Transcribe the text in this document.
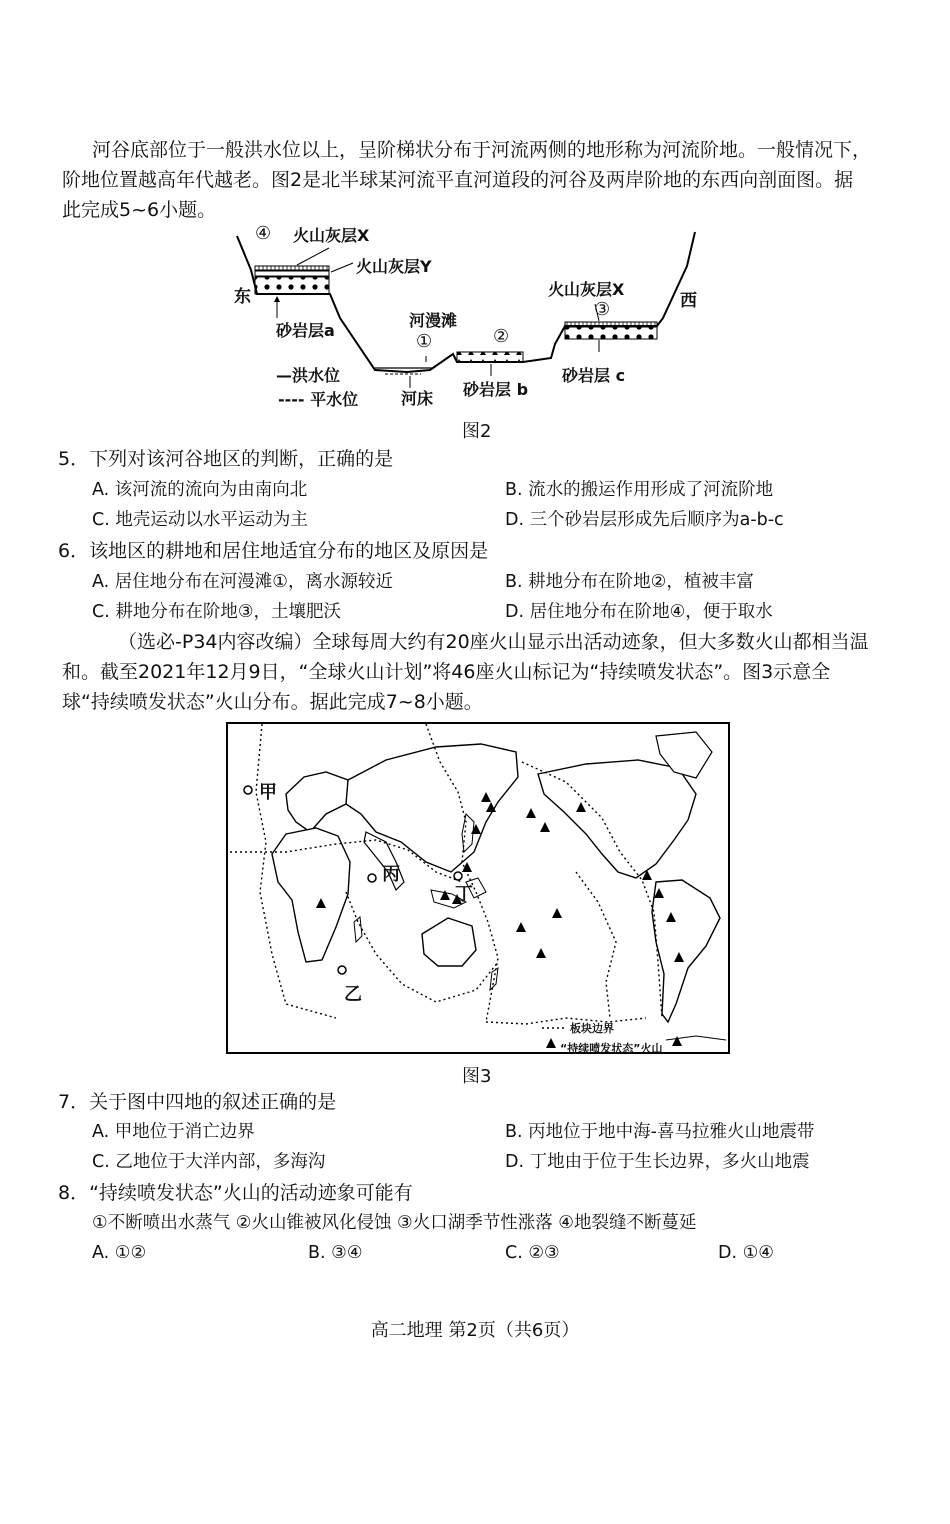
河谷底部位于一般洪水位以上，呈阶梯状分布于河流两侧的地形称为河流阶地。一般情况下，阶地位置越高年代越老。图2是北半球某河流平直河道段的河谷及两岸阶地的东西向剖面图。据此完成5~6小题。
④ 火山灰层X
火山灰层Y
东	西
火山灰层X
③
砂岩层a
河漫滩
②
①
—洪水位	砂岩层 c
砂岩层 b
河床
---- 平水位
图2
5．下列对该河谷地区的判断，正确的是
A. 该河流的流向为由南向北	B. 流水的搬运作用形成了河流阶地
C. 地壳运动以水平运动为主	D. 三个砂岩层形成先后顺序为a-b-c
6．该地区的耕地和居住地适宜分布的地区及原因是
A. 居住地分布在河漫滩①，离水源较近	B. 耕地分布在阶地②，植被丰富
C. 耕地分布在阶地③，土壤肥沃	D. 居住地分布在阶地④，便于取水
（选必-P34内容改编）全球每周大约有20座火山显示出活动迹象，但大多数火山都相当温和。截至2021年12月9日，“全球火山计划”将46座火山标记为“持续喷发状态”。图3示意全球“持续喷发状态”火山分布。据此完成7~8小题。
甲
丙
丁
乙
板块边界
“持续喷发状态”火山
图3
7．关于图中四地的叙述正确的是
A. 甲地位于消亡边界	B. 丙地位于地中海-喜马拉雅火山地震带
C. 乙地位于大洋内部，多海沟	D. 丁地由于位于生长边界，多火山地震
8．“持续喷发状态”火山的活动迹象可能有
①不断喷出水蒸气 ②火山锥被风化侵蚀 ③火口湖季节性涨落 ④地裂缝不断蔓延
A. ①②	B. ③④	C. ②③	D. ①④
高二地理 第2页（共6页）
